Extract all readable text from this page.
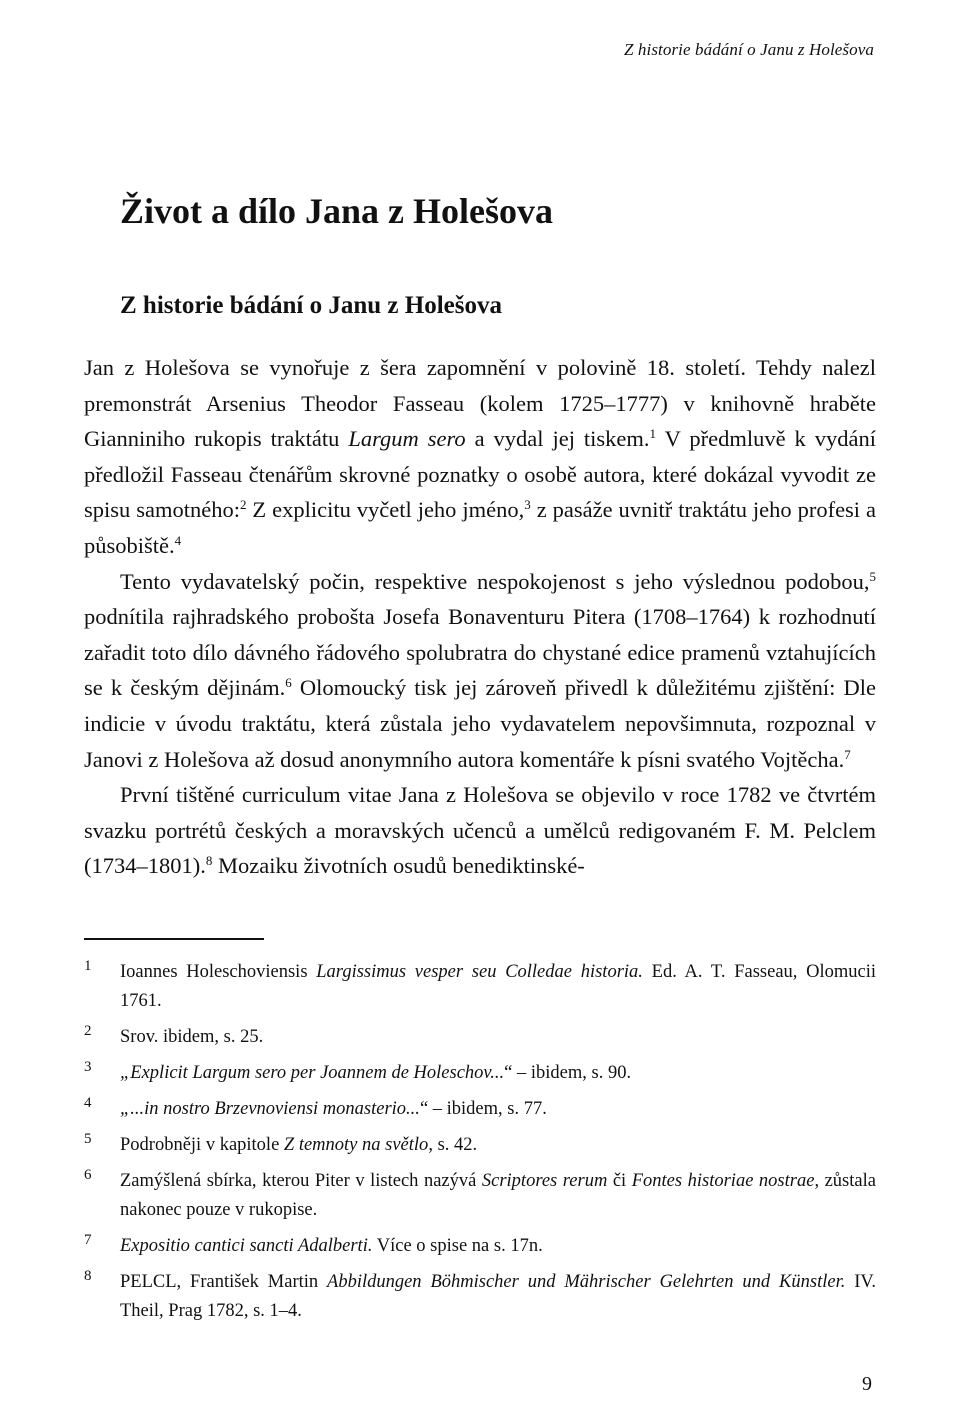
Z historie bádání o Janu z Holešova
Život a dílo Jana z Holešova
Z historie bádání o Janu z Holešova

Jan z Holešova se vynořuje z šera zapomnění v polovině 18. století. Tehdy nalezl premonstrát Arsenius Theodor Fasseau (kolem 1725–1777) v knihovně hraběte Gianniniho rukopis traktátu Largum sero a vydal jej tiskem.$^1$ V předmluvě k vydání předložil Fasseau čtenářům skrovné poznatky o osobě autora, které dokázal vyvodit ze spisu samotného:$^2$ Z explicitu vyčetl jeho jméno,$^3$ z pasáže uvnitř traktátu jeho profesi a působiště.$^4$

Tento vydavatelský počin, respektive nespokojenost s jeho výslednou podobou,$^5$ podnítila rajhradského probošta Josefa Bonaventuru Pitera (1708–1764) k rozhodnutí zařadit toto dílo dávného řádového spolubratra do chystané edice pramenů vztahujících se k českým dějinám.$^6$ Olomoucký tisk jej zároveň přivedl k důležitému zjištění: Dle indicie v úvodu traktátu, která zůstala jeho vydavatelem nepovšimnuta, rozpoznal v Janovi z Holešova až dosud anonymního autora komentáře k písni svatého Vojtěcha.$^7$

První tištěné curriculum vitae Jana z Holešova se objevilo v roce 1782 ve čtvrtém svazku portrétů českých a moravských učenců a umělců redigovaném F. M. Pelclem (1734–1801).$^8$ Mozaiku životních osudů benediktinské-

1 Ioannes Holeschoviensis Largissimus vesper seu Colledae historia. Ed. A. T. Fasseau, Olomucii 1761.
2 Srov. ibidem, s. 25.
3 „Explicit Largum sero per Joannem de Holeschov...“ – ibidem, s. 90.
4 „...in nostro Brzevnoviensi monasterio...“ – ibidem, s. 77.
5 Podrobněji v kapitole Z temnoty na světlo, s. 42.
6 Zamýšlená sbírka, kterou Piter v listech nazývá Scriptores rerum či Fontes historiae nostrae, zůstala nakonec pouze v rukopise.
7 Expositio cantici sancti Adalberti. Více o spise na s. 17n.
8 PELCL, František Martin Abbildungen Böhmischer und Mährischer Gelehrten und Künstler. IV. Theil, Prag 1782, s. 1–4.
9
